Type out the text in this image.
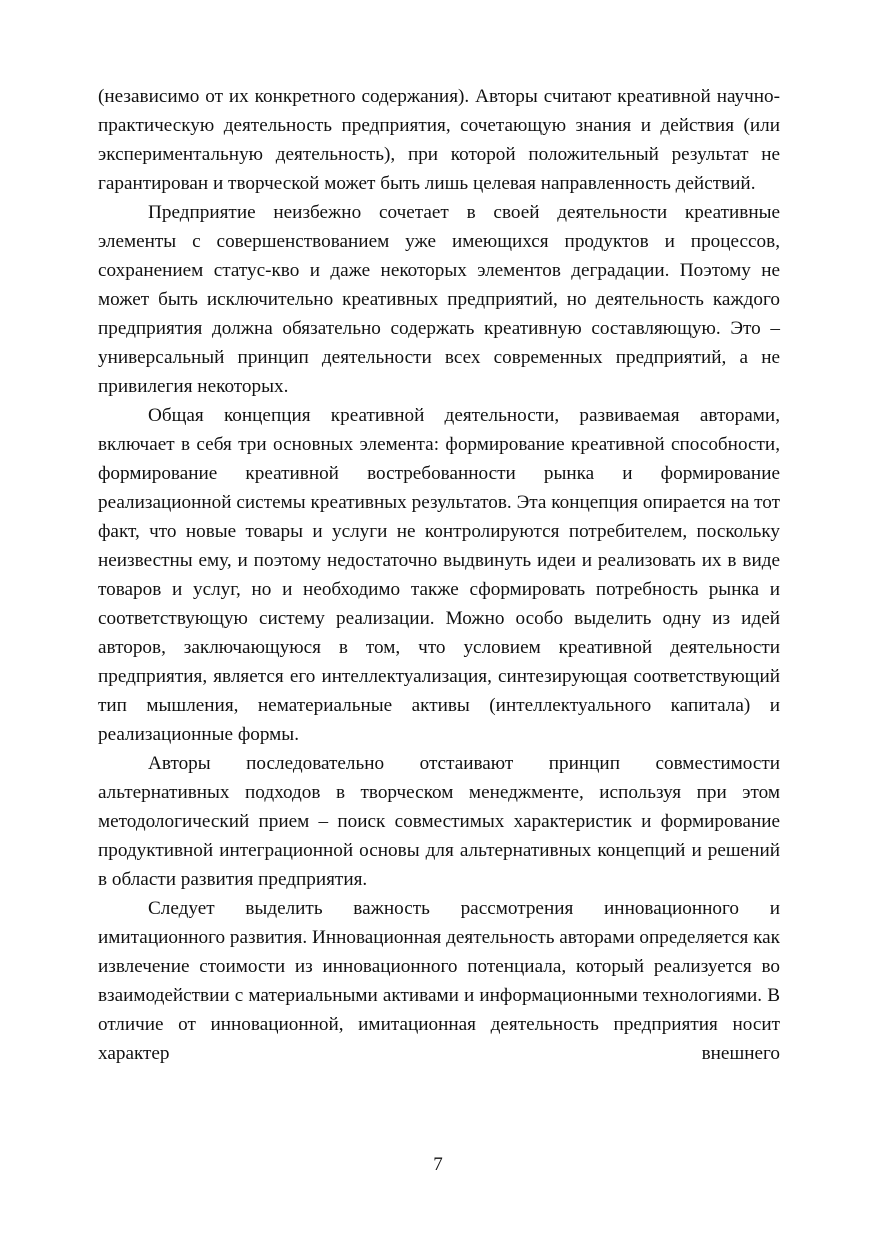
(независимо от их конкретного содержания). Авторы считают креативной научно-практическую деятельность предприятия, сочетающую знания и действия (или экспериментальную деятельность), при которой положительный результат не гарантирован и творческой может быть лишь целевая направленность действий.

Предприятие неизбежно сочетает в своей деятельности креативные элементы с совершенствованием уже имеющихся продуктов и процессов, сохранением статус-кво и даже некоторых элементов деградации. Поэтому не может быть исключительно креативных предприятий, но деятельность каждого предприятия должна обязательно содержать креативную составляющую. Это – универсальный принцип деятельности всех современных предприятий, а не привилегия некоторых.

Общая концепция креативной деятельности, развиваемая авторами, включает в себя три основных элемента: формирование креативной способности, формирование креативной востребованности рынка и формирование реализационной системы креативных результатов. Эта концепция опирается на тот факт, что новые товары и услуги не контролируются потребителем, поскольку неизвестны ему, и поэтому недостаточно выдвинуть идеи и реализовать их в виде товаров и услуг, но и необходимо также сформировать потребность рынка и соответствующую систему реализации. Можно особо выделить одну из идей авторов, заключающуюся в том, что условием креативной деятельности предприятия, является его интеллектуализация, синтезирующая соответствующий тип мышления, нематериальные активы (интеллектуального капитала) и реализационные формы.

Авторы последовательно отстаивают принцип совместимости альтернативных подходов в творческом менеджменте, используя при этом методологический прием – поиск совместимых характеристик и формирование продуктивной интеграционной основы для альтернативных концепций и решений в области развития предприятия.

Следует выделить важность рассмотрения инновационного и имитационного развития. Инновационная деятельность авторами определяется как извлечение стоимости из инновационного потенциала, который реализуется во взаимодействии с материальными активами и информационными технологиями. В отличие от инновационной, имитационная деятельность предприятия носит характер внешнего

7
